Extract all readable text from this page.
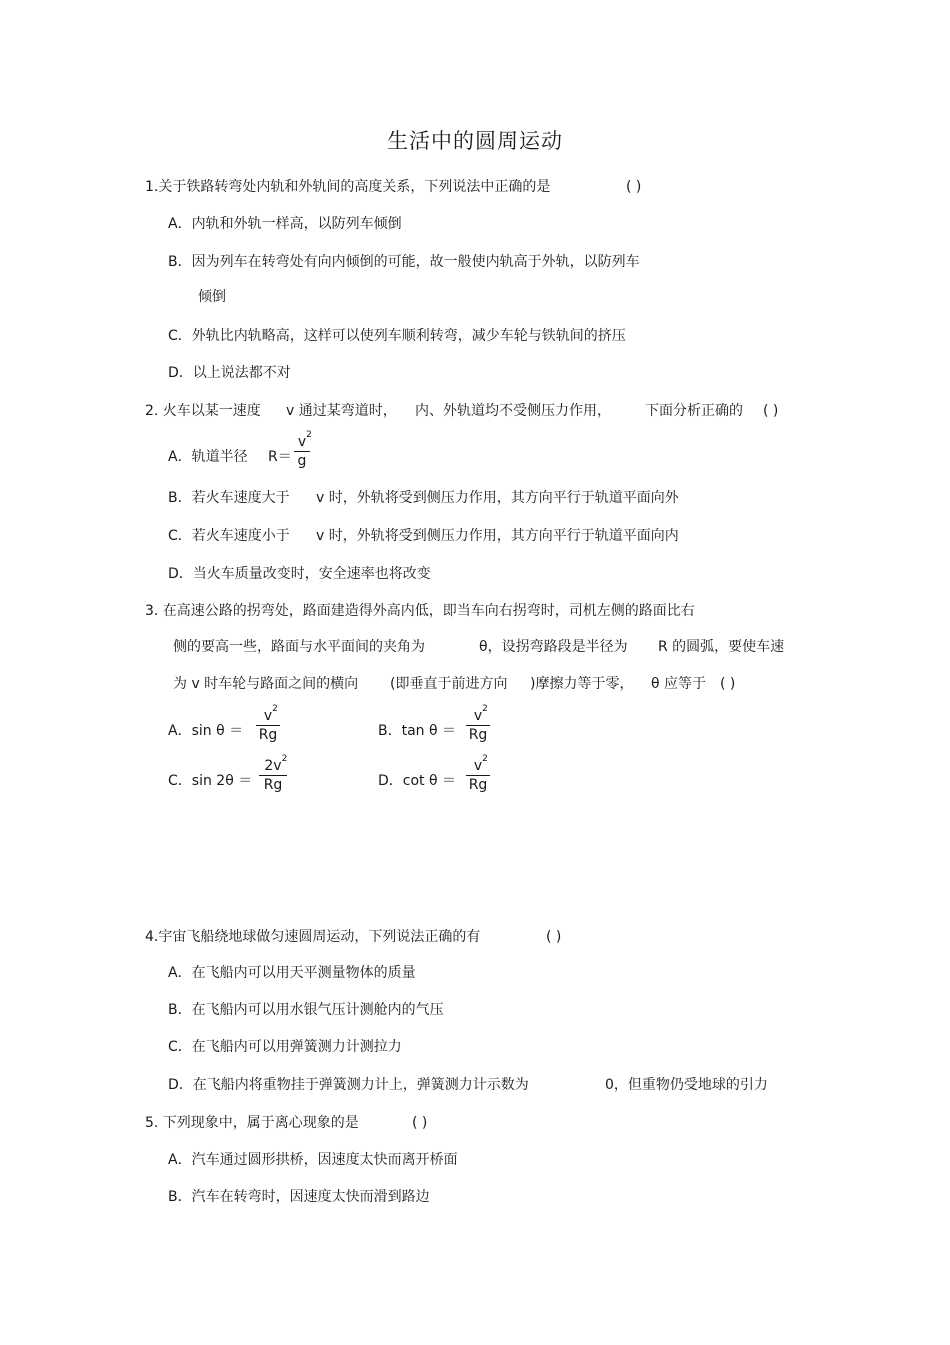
生活中的圆周运动
1.关于铁路转弯处内轨和外轨间的高度关系，下列说法中正确的是	( )
A．内轨和外轨一样高，以防列车倾倒
B．因为列车在转弯处有向内倾倒的可能，故一般使内轨高于外轨，以防列车
倾倒
C．外轨比内轨略高，这样可以使列车顺利转弯，减少车轮与铁轨间的挤压
D．以上说法都不对
2. 火车以某一速度 v 通过某弯道时， 内、外轨道均不受侧压力作用， 下面分析正确的 ( )
A．轨道半径 R＝
v 2
g
B．若火车速度大于 v 时，外轨将受到侧压力作用，其方向平行于轨道平面向外
C．若火车速度小于 v 时，外轨将受到侧压力作用，其方向平行于轨道平面向内
D．当火车质量改变时，安全速率也将改变
3. 在高速公路的拐弯处，路面建造得外高内低，即当车向右拐弯时，司机左侧的路面比右
侧的要高一些，路面与水平面间的夹角为	θ，设拐弯路段是半径为 R 的圆弧，要使车速
为 v 时车轮与路面之间的横向 (即垂直于前进方向 )摩擦力等于零， θ 应等于 ( )
A．sin θ ＝
v 2
Rg	B．tan θ ＝
v 2
Rg
C．sin 2θ ＝
2v 2
Rg	D．cot θ ＝
v 2
Rg
4.宇宙飞船绕地球做匀速圆周运动，下列说法正确的有	( )
A．在飞船内可以用天平测量物体的质量
B．在飞船内可以用水银气压计测舱内的气压
C．在飞船内可以用弹簧测力计测拉力
D．在飞船内将重物挂于弹簧测力计上，弹簧测力计示数为	0，但重物仍受地球的引力
5. 下列现象中，属于离心现象的是	( )
A．汽车通过圆形拱桥，因速度太快而离开桥面
B．汽车在转弯时，因速度太快而滑到路边
